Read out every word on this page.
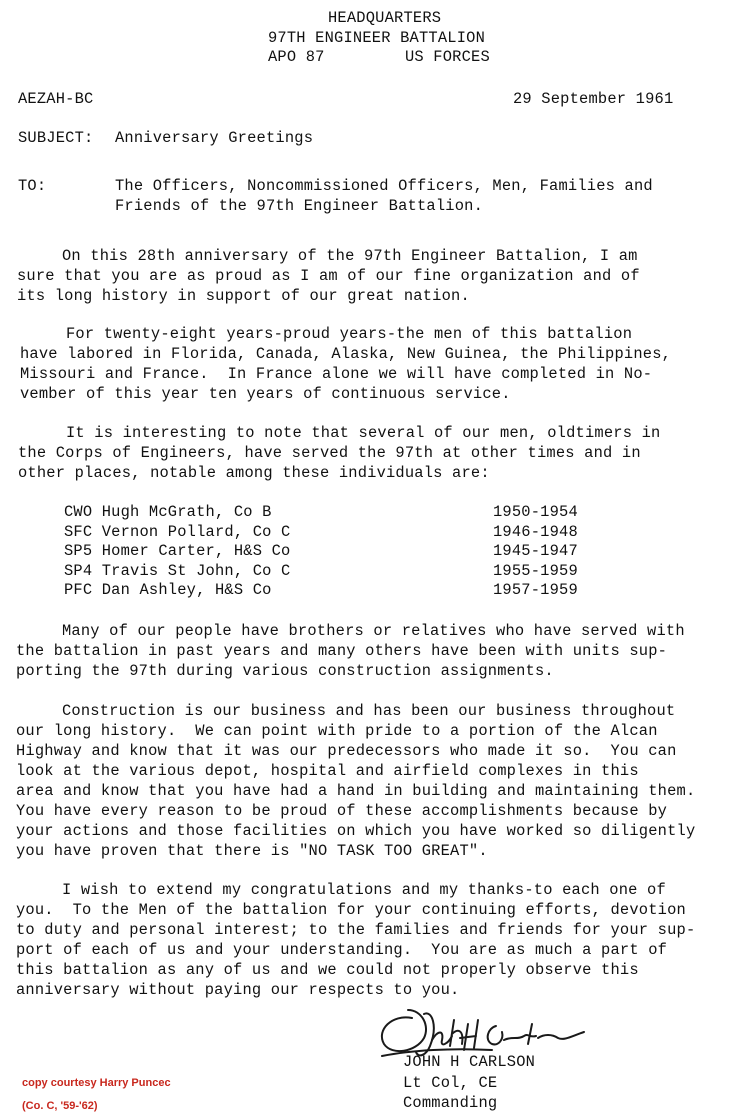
HEADQUARTERS
97TH ENGINEER BATTALION
APO 87	US FORCES
AEZAH-BC	29 September 1961
SUBJECT: Anniversary Greetings
TO:	The Officers, Noncommissioned Officers, Men, Families and
Friends of the 97th Engineer Battalion.
On this 28th anniversary of the 97th Engineer Battalion, I am
sure that you are as proud as I am of our fine organization and of
its long history in support of our great nation.
For twenty-eight years-proud years-the men of this battalion
have labored in Florida, Canada, Alaska, New Guinea, the Philippines,
Missouri and France.  In France alone we will have completed in No-
vember of this year ten years of continuous service.
It is interesting to note that several of our men, oldtimers in
the Corps of Engineers, have served the 97th at other times and in
other places, notable among these individuals are:
CWO Hugh McGrath, Co B	1950-1954
SFC Vernon Pollard, Co C	1946-1948
SP5 Homer Carter, H&S Co	1945-1947
SP4 Travis St John, Co C	1955-1959
PFC Dan Ashley, H&S Co	1957-1959
Many of our people have brothers or relatives who have served with
the battalion in past years and many others have been with units sup-
porting the 97th during various construction assignments.
Construction is our business and has been our business throughout
our long history.  We can point with pride to a portion of the Alcan
Highway and know that it was our predecessors who made it so.  You can
look at the various depot, hospital and airfield complexes in this
area and know that you have had a hand in building and maintaining them.
You have every reason to be proud of these accomplishments because by
your actions and those facilities on which you have worked so diligently
you have proven that there is "NO TASK TOO GREAT".
I wish to extend my congratulations and my thanks-to each one of
you.  To the Men of the battalion for your continuing efforts, devotion
to duty and personal interest; to the families and friends for your sup-
port of each of us and your understanding.  You are as much a part of
this battalion as any of us and we could not properly observe this
anniversary without paying our respects to you.
JOHN H CARLSON
Lt Col, CE
Commanding
copy courtesy Harry Puncec
(Co. C, '59-'62)
